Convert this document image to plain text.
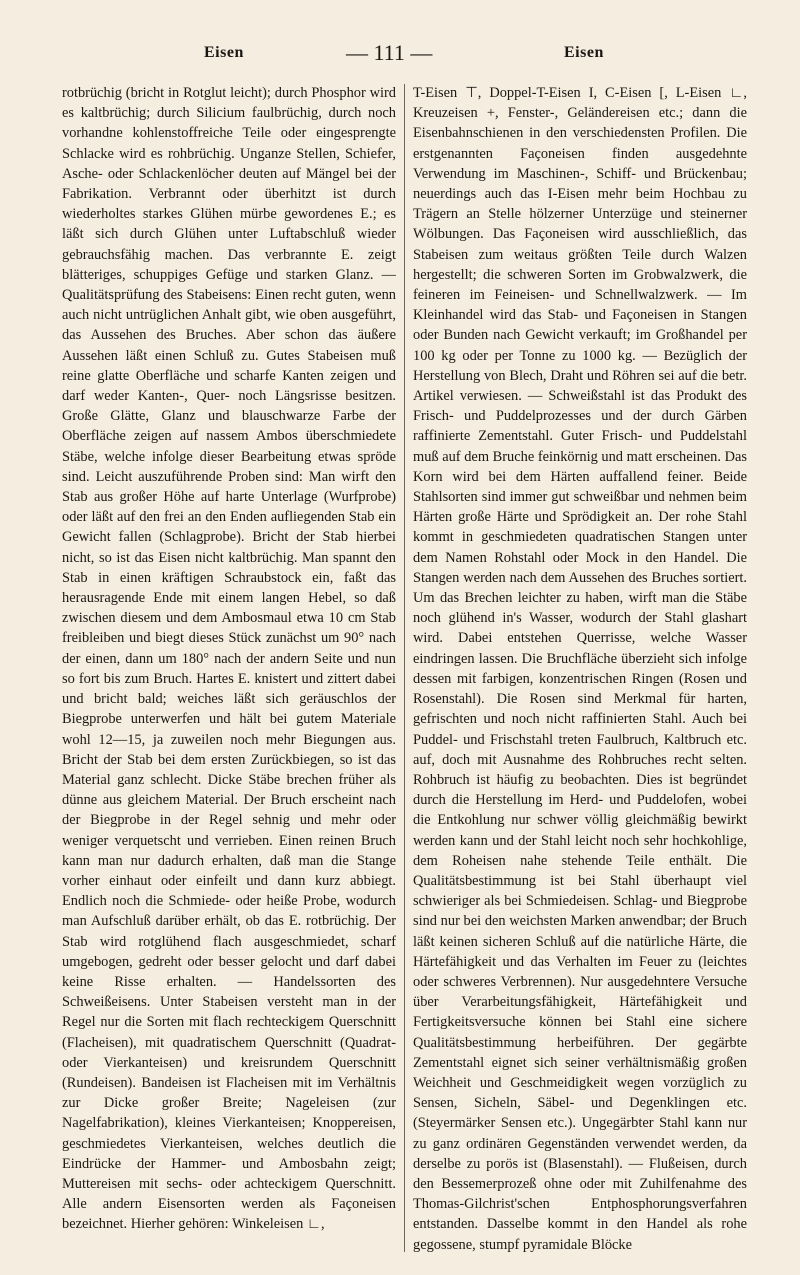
Eisen	— 111 —	Eisen

rotbrüchig (bricht in Rotglut leicht); durch Phosphor wird es kaltbrüchig; durch Silicium faulbrüchig, durch noch vorhandne kohlenstoffreiche Teile oder eingesprengte Schlacke wird es rohbrüchig. Unganze Stellen, Schiefer, Asche- oder Schlackenlöcher deuten auf Mängel bei der Fabrikation. Verbrannt oder überhitzt ist durch wiederholtes starkes Glühen mürbe gewordenes E.; es läßt sich durch Glühen unter Luftabschluß wieder gebrauchsfähig machen. Das verbrannte E. zeigt blätteriges, schuppiges Gefüge und starken Glanz. — Qualitätsprüfung des Stabeisens: Einen recht guten, wenn auch nicht untrüglichen Anhalt gibt, wie oben ausgeführt, das Aussehen des Bruches. Aber schon das äußere Aussehen läßt einen Schluß zu. Gutes Stabeisen muß reine glatte Oberfläche und scharfe Kanten zeigen und darf weder Kanten-, Quer- noch Längsrisse besitzen. Große Glätte, Glanz und blauschwarze Farbe der Oberfläche zeigen auf nassem Ambos überschmiedete Stäbe, welche infolge dieser Bearbeitung etwas spröde sind. Leicht auszuführende Proben sind: Man wirft den Stab aus großer Höhe auf harte Unterlage (Wurfprobe) oder läßt auf den frei an den Enden aufliegenden Stab ein Gewicht fallen (Schlagprobe). Bricht der Stab hierbei nicht, so ist das Eisen nicht kaltbrüchig. Man spannt den Stab in einen kräftigen Schraubstock ein, faßt das herausragende Ende mit einem langen Hebel, so daß zwischen diesem und dem Ambosmaul etwa 10 cm Stab freibleiben und biegt dieses Stück zunächst um 90° nach der einen, dann um 180° nach der andern Seite und nun so fort bis zum Bruch. Hartes E. knistert und zittert dabei und bricht bald; weiches läßt sich geräuschlos der Biegprobe unterwerfen und hält bei gutem Materiale wohl 12—15, ja zuweilen noch mehr Biegungen aus. Bricht der Stab bei dem ersten Zurückbiegen, so ist das Material ganz schlecht. Dicke Stäbe brechen früher als dünne aus gleichem Material. Der Bruch erscheint nach der Biegprobe in der Regel sehnig und mehr oder weniger verquetscht und verrieben. Einen reinen Bruch kann man nur dadurch erhalten, daß man die Stange vorher einhaut oder einfeilt und dann kurz abbiegt. Endlich noch die Schmiede- oder heiße Probe, wodurch man Aufschluß darüber erhält, ob das E. rotbrüchig. Der Stab wird rotglühend flach ausgeschmiedet, scharf umgebogen, gedreht oder besser gelocht und darf dabei keine Risse erhalten. — Handelssorten des Schweißeisens. Unter Stabeisen versteht man in der Regel nur die Sorten mit flach rechteckigem Querschnitt (Flacheisen), mit quadratischem Querschnitt (Quadrat- oder Vierkanteisen) und kreisrundem Querschnitt (Rundeisen). Bandeisen ist Flacheisen mit im Verhältnis zur Dicke großer Breite; Nageleisen (zur Nagelfabrikation), kleines Vierkanteisen; Knoppereisen, geschmiedetes Vierkanteisen, welches deutlich die Eindrücke der Hammer- und Ambosbahn zeigt; Muttereisen mit sechs- oder achteckigem Querschnitt. Alle andern Eisensorten werden als Façoneisen bezeichnet. Hierher gehören: Winkeleisen ∟,

T-Eisen ⊤, Doppel-T-Eisen I, C-Eisen [, L-Eisen ∟, Kreuzeisen +, Fenster-, Geländereisen etc.; dann die Eisenbahnschienen in den verschiedensten Profilen. Die erstgenannten Façoneisen finden ausgedehnte Verwendung im Maschinen-, Schiff- und Brückenbau; neuerdings auch das I-Eisen mehr beim Hochbau zu Trägern an Stelle hölzerner Unterzüge und steinerner Wölbungen. Das Façoneisen wird ausschließlich, das Stabeisen zum weitaus größten Teile durch Walzen hergestellt; die schweren Sorten im Grobwalzwerk, die feineren im Feineisen- und Schnellwalzwerk. — Im Kleinhandel wird das Stab- und Façoneisen in Stangen oder Bunden nach Gewicht verkauft; im Großhandel per 100 kg oder per Tonne zu 1000 kg. — Bezüglich der Herstellung von Blech, Draht und Röhren sei auf die betr. Artikel verwiesen. — Schweißstahl ist das Produkt des Frisch- und Puddelprozesses und der durch Gärben raffinierte Zementstahl. Guter Frisch- und Puddelstahl muß auf dem Bruche feinkörnig und matt erscheinen. Das Korn wird bei dem Härten auffallend feiner. Beide Stahlsorten sind immer gut schweißbar und nehmen beim Härten große Härte und Sprödigkeit an. Der rohe Stahl kommt in geschmiedeten quadratischen Stangen unter dem Namen Rohstahl oder Mock in den Handel. Die Stangen werden nach dem Aussehen des Bruches sortiert. Um das Brechen leichter zu haben, wirft man die Stäbe noch glühend in's Wasser, wodurch der Stahl glashart wird. Dabei entstehen Querrisse, welche Wasser eindringen lassen. Die Bruchfläche überzieht sich infolge dessen mit farbigen, konzentrischen Ringen (Rosen und Rosenstahl). Die Rosen sind Merkmal für harten, gefrischten und noch nicht raffinierten Stahl. Auch bei Puddel- und Frischstahl treten Faulbruch, Kaltbruch etc. auf, doch mit Ausnahme des Rohbruches recht selten. Rohbruch ist häufig zu beobachten. Dies ist begründet durch die Herstellung im Herd- und Puddelofen, wobei die Entkohlung nur schwer völlig gleichmäßig bewirkt werden kann und der Stahl leicht noch sehr hochkohlige, dem Roheisen nahe stehende Teile enthält. Die Qualitätsbestimmung ist bei Stahl überhaupt viel schwieriger als bei Schmiedeisen. Schlag- und Biegprobe sind nur bei den weichsten Marken anwendbar; der Bruch läßt keinen sicheren Schluß auf die natürliche Härte, die Härtefähigkeit und das Verhalten im Feuer zu (leichtes oder schweres Verbrennen). Nur ausgedehntere Versuche über Verarbeitungsfähigkeit, Härtefähigkeit und Fertigkeitsversuche können bei Stahl eine sichere Qualitätsbestimmung herbeiführen. Der gegärbte Zementstahl eignet sich seiner verhältnismäßig großen Weichheit und Geschmeidigkeit wegen vorzüglich zu Sensen, Sicheln, Säbel- und Degenklingen etc. (Steyermärker Sensen etc.). Ungegärbter Stahl kann nur zu ganz ordinären Gegenständen verwendet werden, da derselbe zu porös ist (Blasenstahl). — Flußeisen, durch den Bessemerprozeß ohne oder mit Zuhilfenahme des Thomas-Gilchrist'schen Entphosphorungsverfahren entstanden. Dasselbe kommt in den Handel als rohe gegossene, stumpf pyramidale Blöcke
